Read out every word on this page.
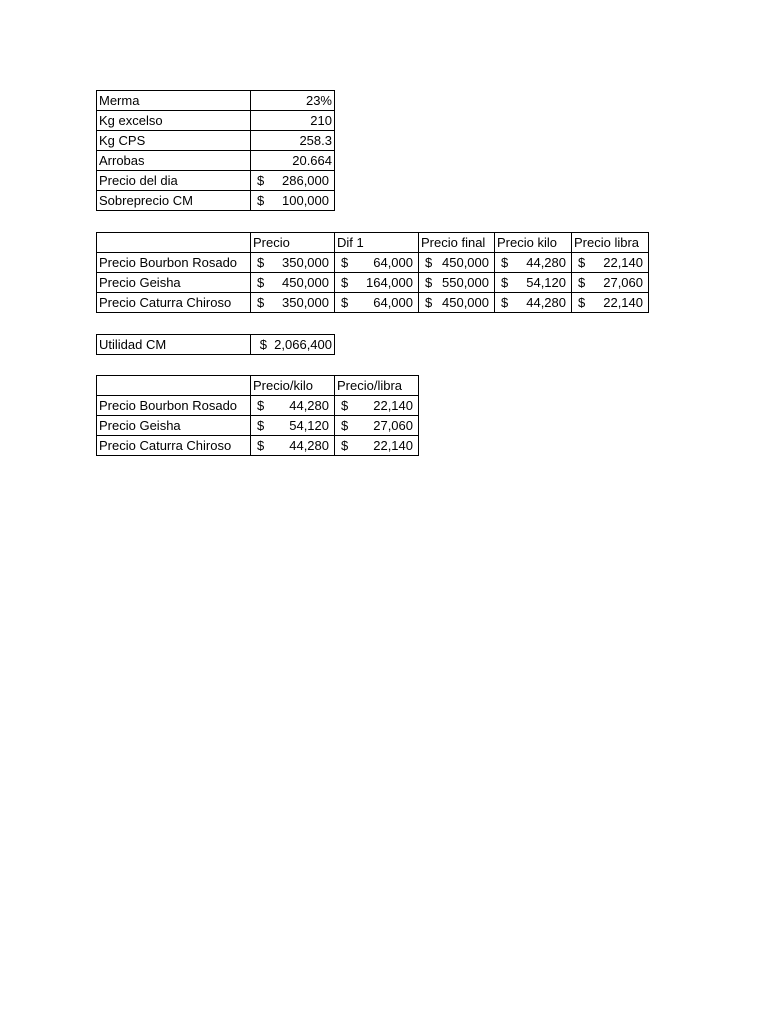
Merma	23%
Kg excelso	210
Kg CPS	258.3
Arrobas	20.664
Precio del dia	$ 286,000

Sobreprecio CM	$ 100,000
	Precio	Dif 1	Precio final	Precio kilo	Precio libra
Precio Bourbon Rosado	$ 350,000	$ 64,000	$ 450,000	$ 44,280	$ 22,140

Precio Geisha	$ 450,000	$ 164,000	$ 550,000	$ 54,120	$ 27,060

Precio Caturra Chiroso	$ 350,000	$ 64,000	$ 450,000	$ 44,280	$ 22,140
Utilidad CM	$  2,066,400
	Precio/kilo	Precio/libra
Precio Bourbon Rosado	$ 44,280	$ 22,140

Precio Geisha	$ 54,120	$ 27,060

Precio Caturra Chiroso	$ 44,280	$ 22,140
